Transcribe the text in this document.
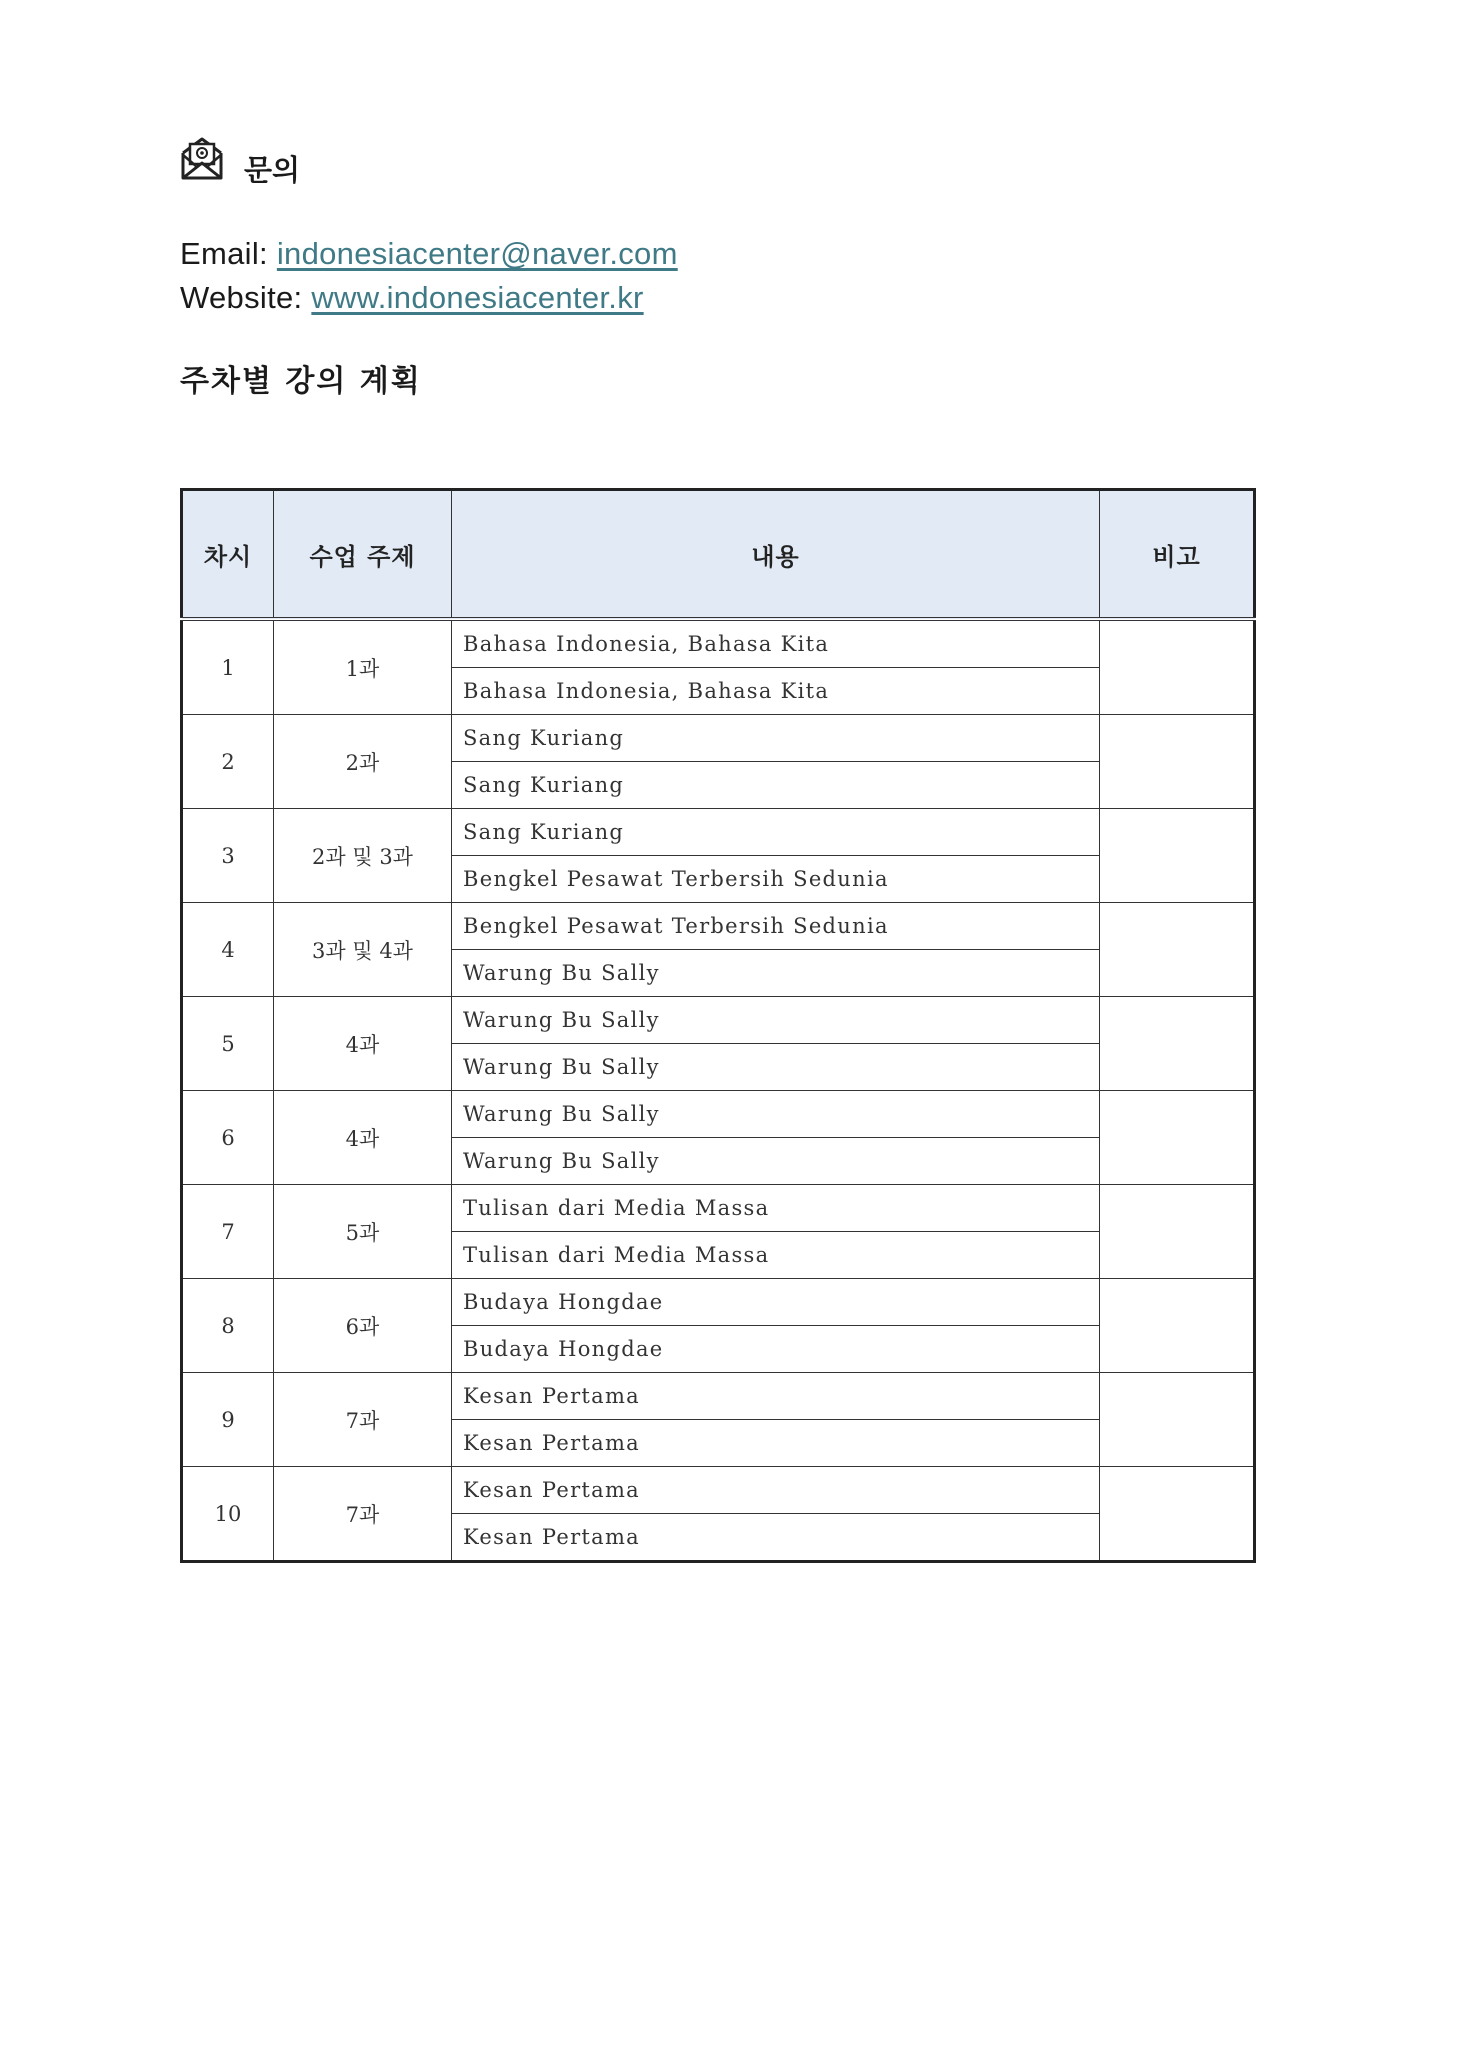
문의
Email: indonesiacenter@naver.com
Website: www.indonesiacenter.kr
주차별 강의 계획
차시	수업 주제	내용	비고
1	1과	Bahasa Indonesia, Bahasa Kita	
		Bahasa Indonesia, Bahasa Kita	
2	2과	Sang Kuriang	
		Sang Kuriang	
3	2과 및 3과	Sang Kuriang	
		Bengkel Pesawat Terbersih Sedunia	
4	3과 및 4과	Bengkel Pesawat Terbersih Sedunia	
		Warung Bu Sally	
5	4과	Warung Bu Sally	
		Warung Bu Sally	
6	4과	Warung Bu Sally	
		Warung Bu Sally	
7	5과	Tulisan dari Media Massa	
		Tulisan dari Media Massa	
8	6과	Budaya Hongdae	
		Budaya Hongdae	
9	7과	Kesan Pertama	
		Kesan Pertama	
10	7과	Kesan Pertama	
		Kesan Pertama	
